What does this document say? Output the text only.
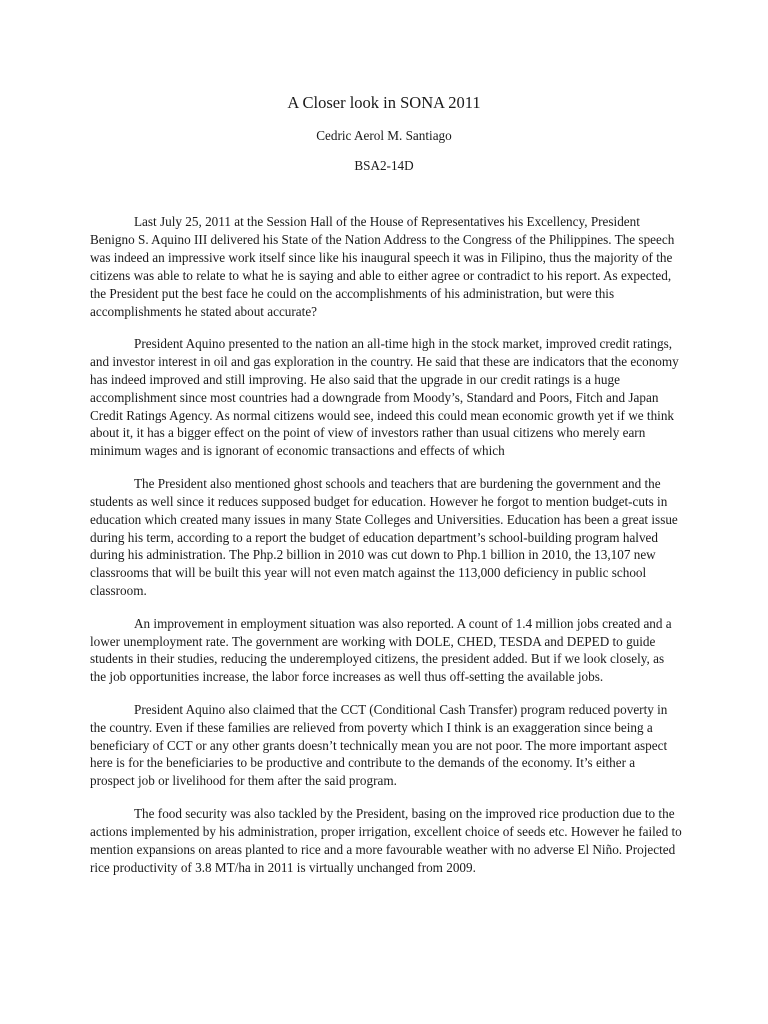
A Closer look in SONA 2011
Cedric Aerol M. Santiago
BSA2-14D

Last July 25, 2011 at the Session Hall of the House of Representatives his Excellency, President Benigno S. Aquino III delivered his State of the Nation Address to the Congress of the Philippines. The speech was indeed an impressive work itself since like his inaugural speech it was in Filipino, thus the majority of the citizens was able to relate to what he is saying and able to either agree or contradict to his report. As expected, the President put the best face he could on the accomplishments of his administration, but were this accomplishments he stated about accurate?

President Aquino presented to the nation an all-time high in the stock market, improved credit ratings, and investor interest in oil and gas exploration in the country. He said that these are indicators that the economy has indeed improved and still improving. He also said that the upgrade in our credit ratings is a huge accomplishment since most countries had a downgrade from Moody’s, Standard and Poors, Fitch and Japan Credit Ratings Agency. As normal citizens would see, indeed this could mean economic growth yet if we think about it, it has a bigger effect on the point of view of investors rather than usual citizens who merely earn minimum wages and is ignorant of economic transactions and effects of which

The President also mentioned ghost schools and teachers that are burdening the government and the students as well since it reduces supposed budget for education. However he forgot to mention budget-cuts in education which created many issues in many State Colleges and Universities. Education has been a great issue during his term, according to a report the budget of education department’s school-building program halved during his administration. The Php.2 billion in 2010 was cut down to Php.1 billion in 2010, the 13,107 new classrooms that will be built this year will not even match against the 113,000 deficiency in public school classroom.

An improvement in employment situation was also reported. A count of 1.4 million jobs created and a lower unemployment rate. The government are working with DOLE, CHED, TESDA and DEPED to guide students in their studies, reducing the underemployed citizens, the president added. But if we look closely, as the job opportunities increase, the labor force increases as well thus off-setting the available jobs.

President Aquino also claimed that the CCT (Conditional Cash Transfer) program reduced poverty in the country. Even if these families are relieved from poverty which I think is an exaggeration since being a beneficiary of CCT or any other grants doesn’t technically mean you are not poor. The more important aspect here is for the beneficiaries to be productive and contribute to the demands of the economy. It’s either a prospect job or livelihood for them after the said program.

The food security was also tackled by the President, basing on the improved rice production due to the actions implemented by his administration, proper irrigation, excellent choice of seeds etc. However he failed to mention expansions on areas planted to rice and a more favourable weather with no adverse El Niño. Projected rice productivity of 3.8 MT/ha in 2011 is virtually unchanged from 2009.
